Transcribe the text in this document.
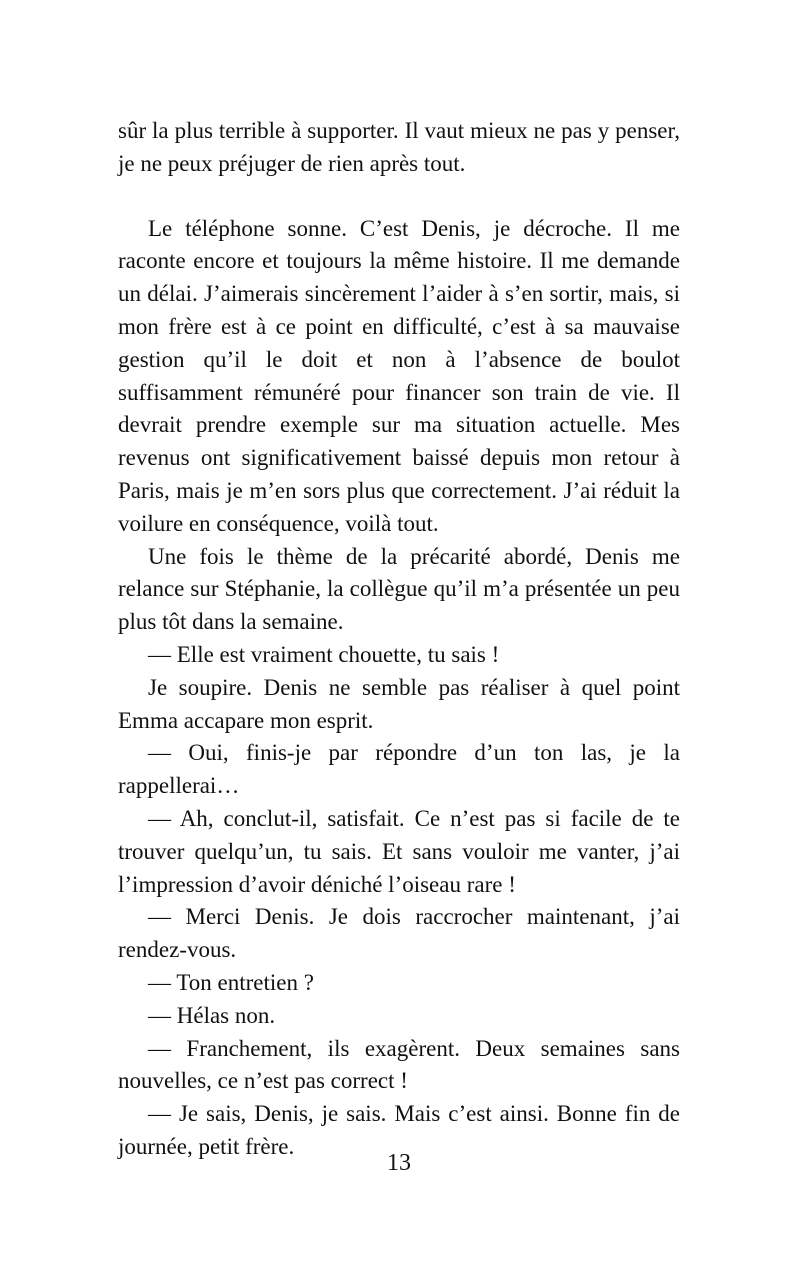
sûr la plus terrible à supporter. Il vaut mieux ne pas y penser, je ne peux préjuger de rien après tout.

Le téléphone sonne. C’est Denis, je décroche. Il me raconte encore et toujours la même histoire. Il me demande un délai. J’aimerais sincèrement l’aider à s’en sortir, mais, si mon frère est à ce point en difficulté, c’est à sa mauvaise gestion qu’il le doit et non à l’absence de boulot suffisamment rémunéré pour financer son train de vie. Il devrait prendre exemple sur ma situation actuelle. Mes revenus ont significativement baissé depuis mon retour à Paris, mais je m’en sors plus que correctement. J’ai réduit la voilure en conséquence, voilà tout.

Une fois le thème de la précarité abordé, Denis me relance sur Stéphanie, la collègue qu’il m’a présentée un peu plus tôt dans la semaine.

— Elle est vraiment chouette, tu sais !

Je soupire. Denis ne semble pas réaliser à quel point Emma accapare mon esprit.

— Oui, finis-je par répondre d’un ton las, je la rappellerai…

— Ah, conclut-il, satisfait. Ce n’est pas si facile de te trouver quelqu’un, tu sais. Et sans vouloir me vanter, j’ai l’impression d’avoir déniché l’oiseau rare !

— Merci Denis. Je dois raccrocher maintenant, j’ai rendez-vous.

— Ton entretien ?

— Hélas non.

— Franchement, ils exagèrent. Deux semaines sans nouvelles, ce n’est pas correct !

— Je sais, Denis, je sais. Mais c’est ainsi. Bonne fin de journée, petit frère.

13
